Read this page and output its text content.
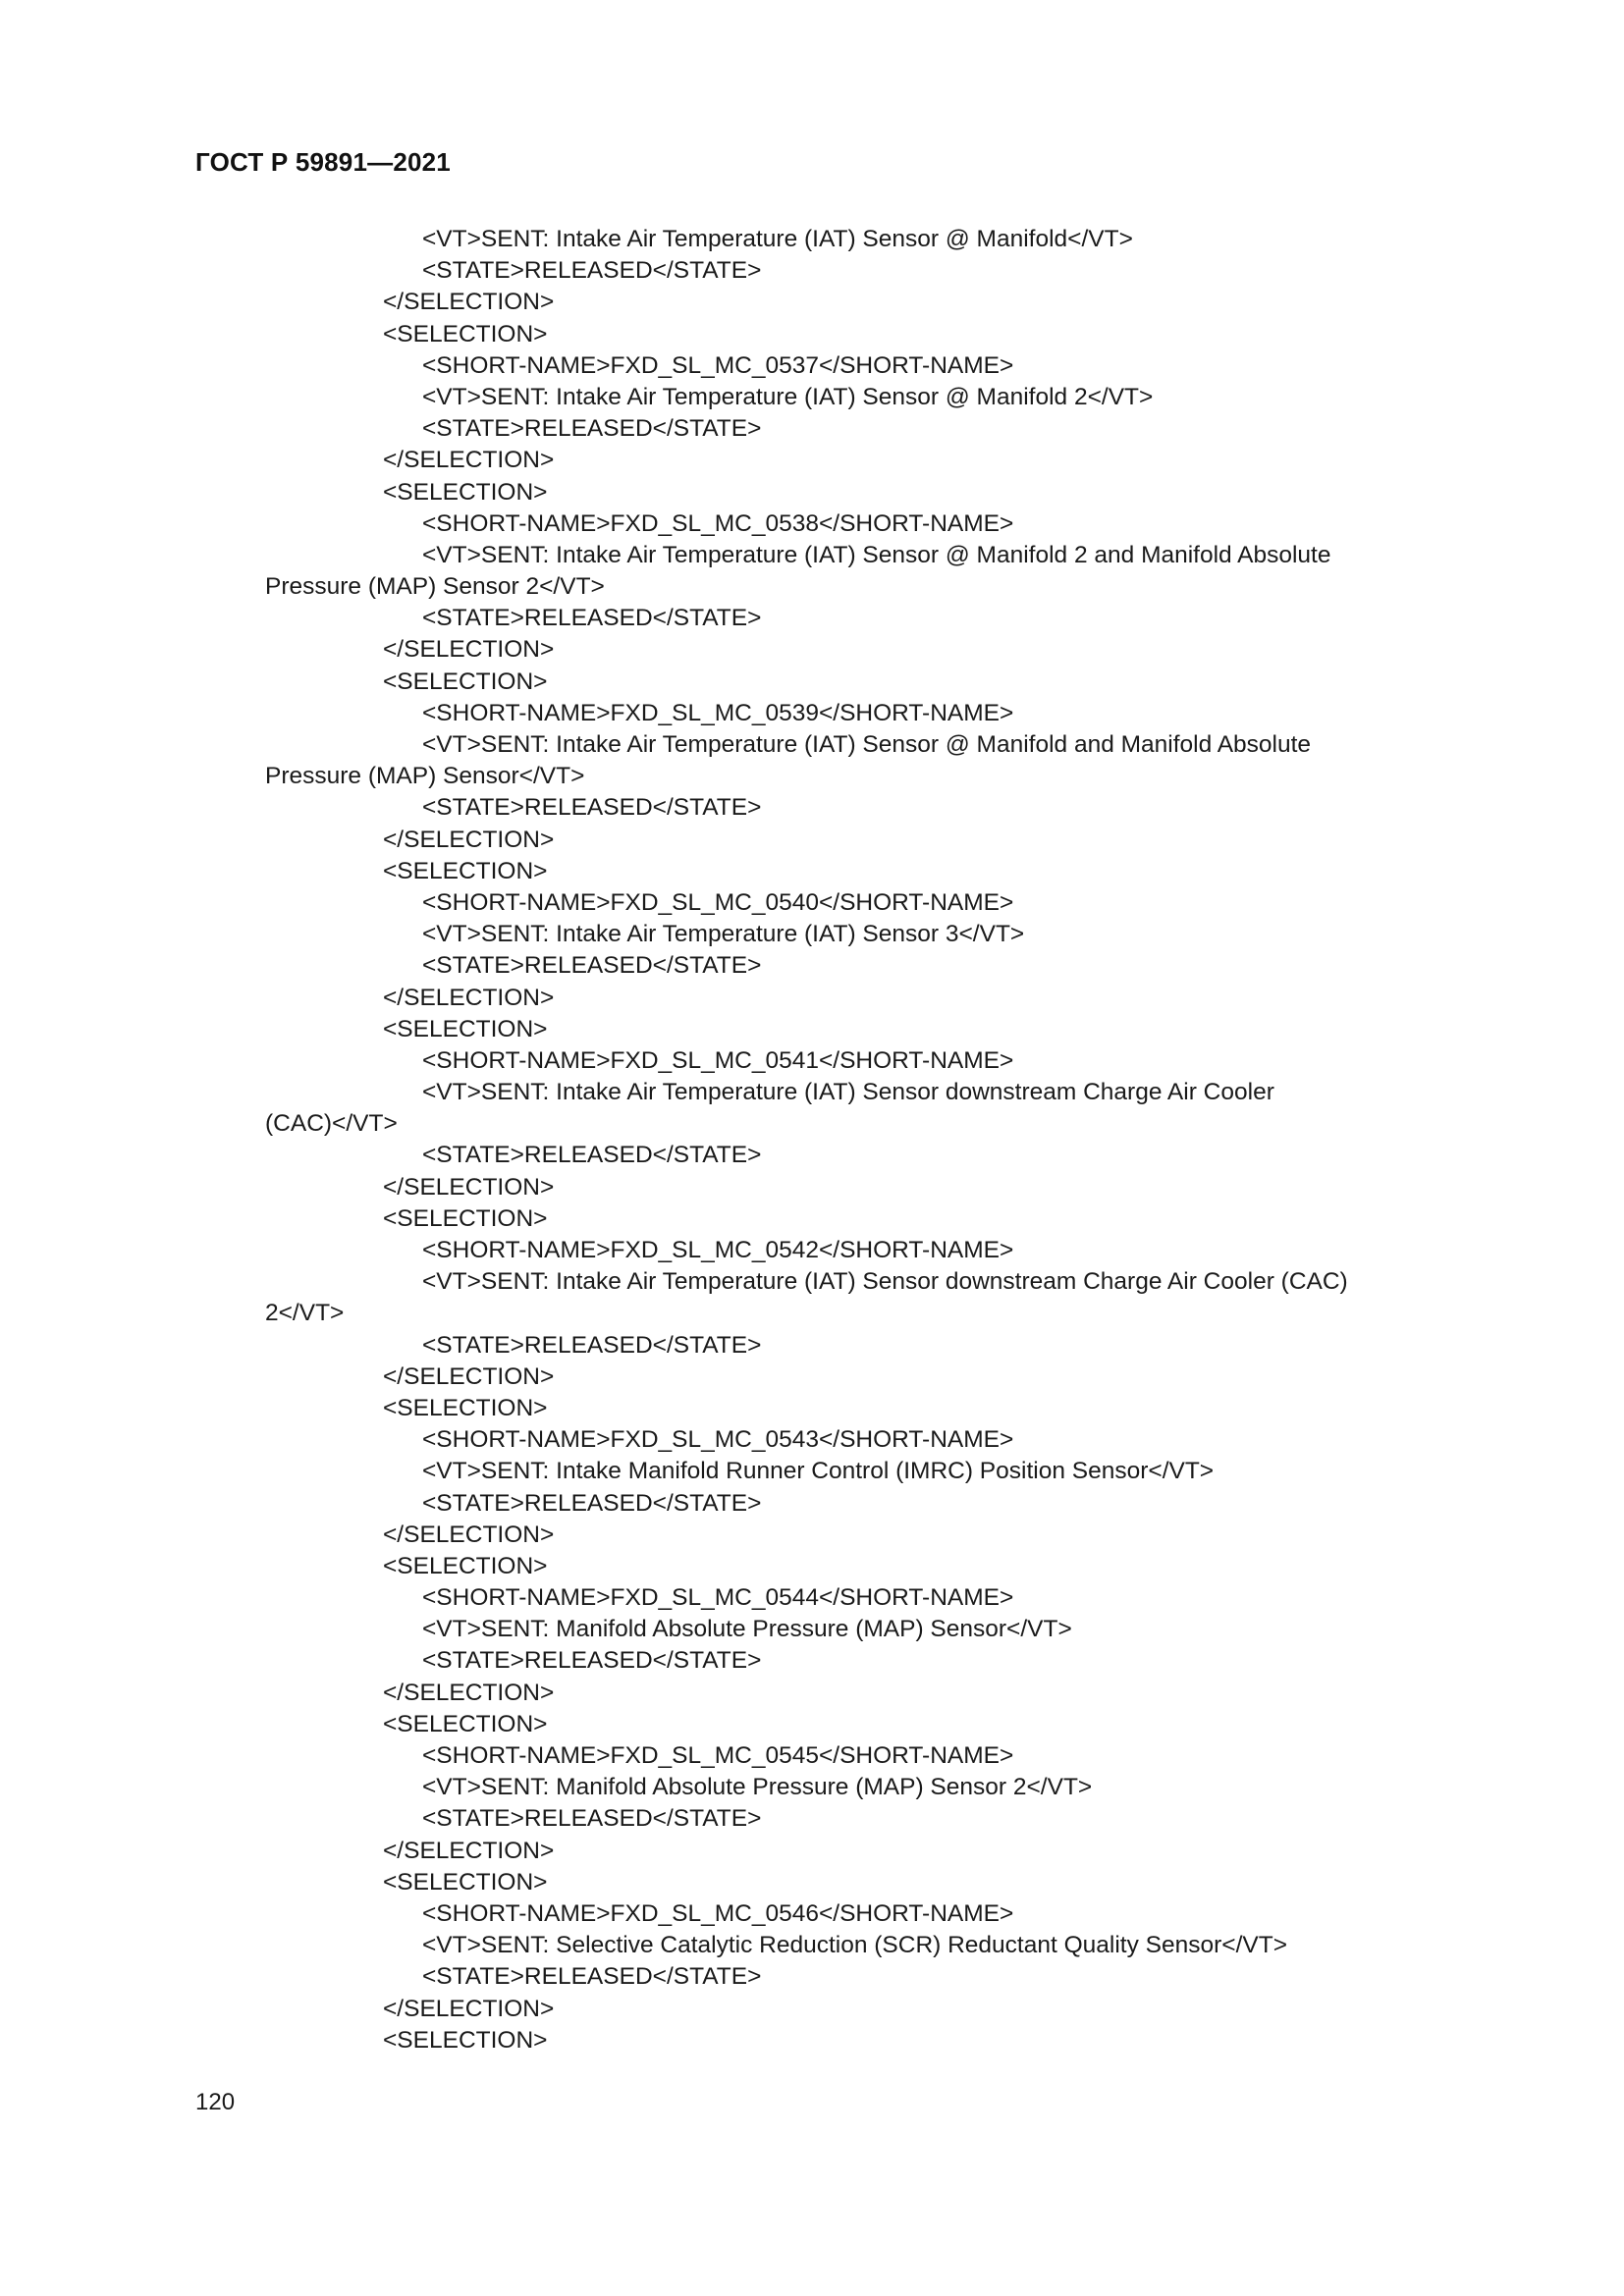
ГОСТ Р 59891—2021
<VT>SENT: Intake Air Temperature (IAT) Sensor @ Manifold</VT>
<STATE>RELEASED</STATE>
</SELECTION>
<SELECTION>
<SHORT-NAME>FXD_SL_MC_0537</SHORT-NAME>
<VT>SENT: Intake Air Temperature (IAT) Sensor @ Manifold 2</VT>
<STATE>RELEASED</STATE>
</SELECTION>
<SELECTION>
<SHORT-NAME>FXD_SL_MC_0538</SHORT-NAME>
<VT>SENT: Intake Air Temperature (IAT) Sensor @ Manifold 2 and Manifold Absolute
Pressure (MAP) Sensor 2</VT>
<STATE>RELEASED</STATE>
</SELECTION>
<SELECTION>
<SHORT-NAME>FXD_SL_MC_0539</SHORT-NAME>
<VT>SENT: Intake Air Temperature (IAT) Sensor @ Manifold and Manifold Absolute
Pressure (MAP) Sensor</VT>
<STATE>RELEASED</STATE>
</SELECTION>
<SELECTION>
<SHORT-NAME>FXD_SL_MC_0540</SHORT-NAME>
<VT>SENT: Intake Air Temperature (IAT) Sensor 3</VT>
<STATE>RELEASED</STATE>
</SELECTION>
<SELECTION>
<SHORT-NAME>FXD_SL_MC_0541</SHORT-NAME>
<VT>SENT: Intake Air Temperature (IAT) Sensor downstream Charge Air Cooler
(CAC)</VT>
<STATE>RELEASED</STATE>
</SELECTION>
<SELECTION>
<SHORT-NAME>FXD_SL_MC_0542</SHORT-NAME>
<VT>SENT: Intake Air Temperature (IAT) Sensor downstream Charge Air Cooler (CAC)
2</VT>
<STATE>RELEASED</STATE>
</SELECTION>
<SELECTION>
<SHORT-NAME>FXD_SL_MC_0543</SHORT-NAME>
<VT>SENT: Intake Manifold Runner Control (IMRC) Position Sensor</VT>
<STATE>RELEASED</STATE>
</SELECTION>
<SELECTION>
<SHORT-NAME>FXD_SL_MC_0544</SHORT-NAME>
<VT>SENT: Manifold Absolute Pressure (MAP) Sensor</VT>
<STATE>RELEASED</STATE>
</SELECTION>
<SELECTION>
<SHORT-NAME>FXD_SL_MC_0545</SHORT-NAME>
<VT>SENT: Manifold Absolute Pressure (MAP) Sensor 2</VT>
<STATE>RELEASED</STATE>
</SELECTION>
<SELECTION>
<SHORT-NAME>FXD_SL_MC_0546</SHORT-NAME>
<VT>SENT: Selective Catalytic Reduction (SCR) Reductant Quality Sensor</VT>
<STATE>RELEASED</STATE>
</SELECTION>
<SELECTION>
120
